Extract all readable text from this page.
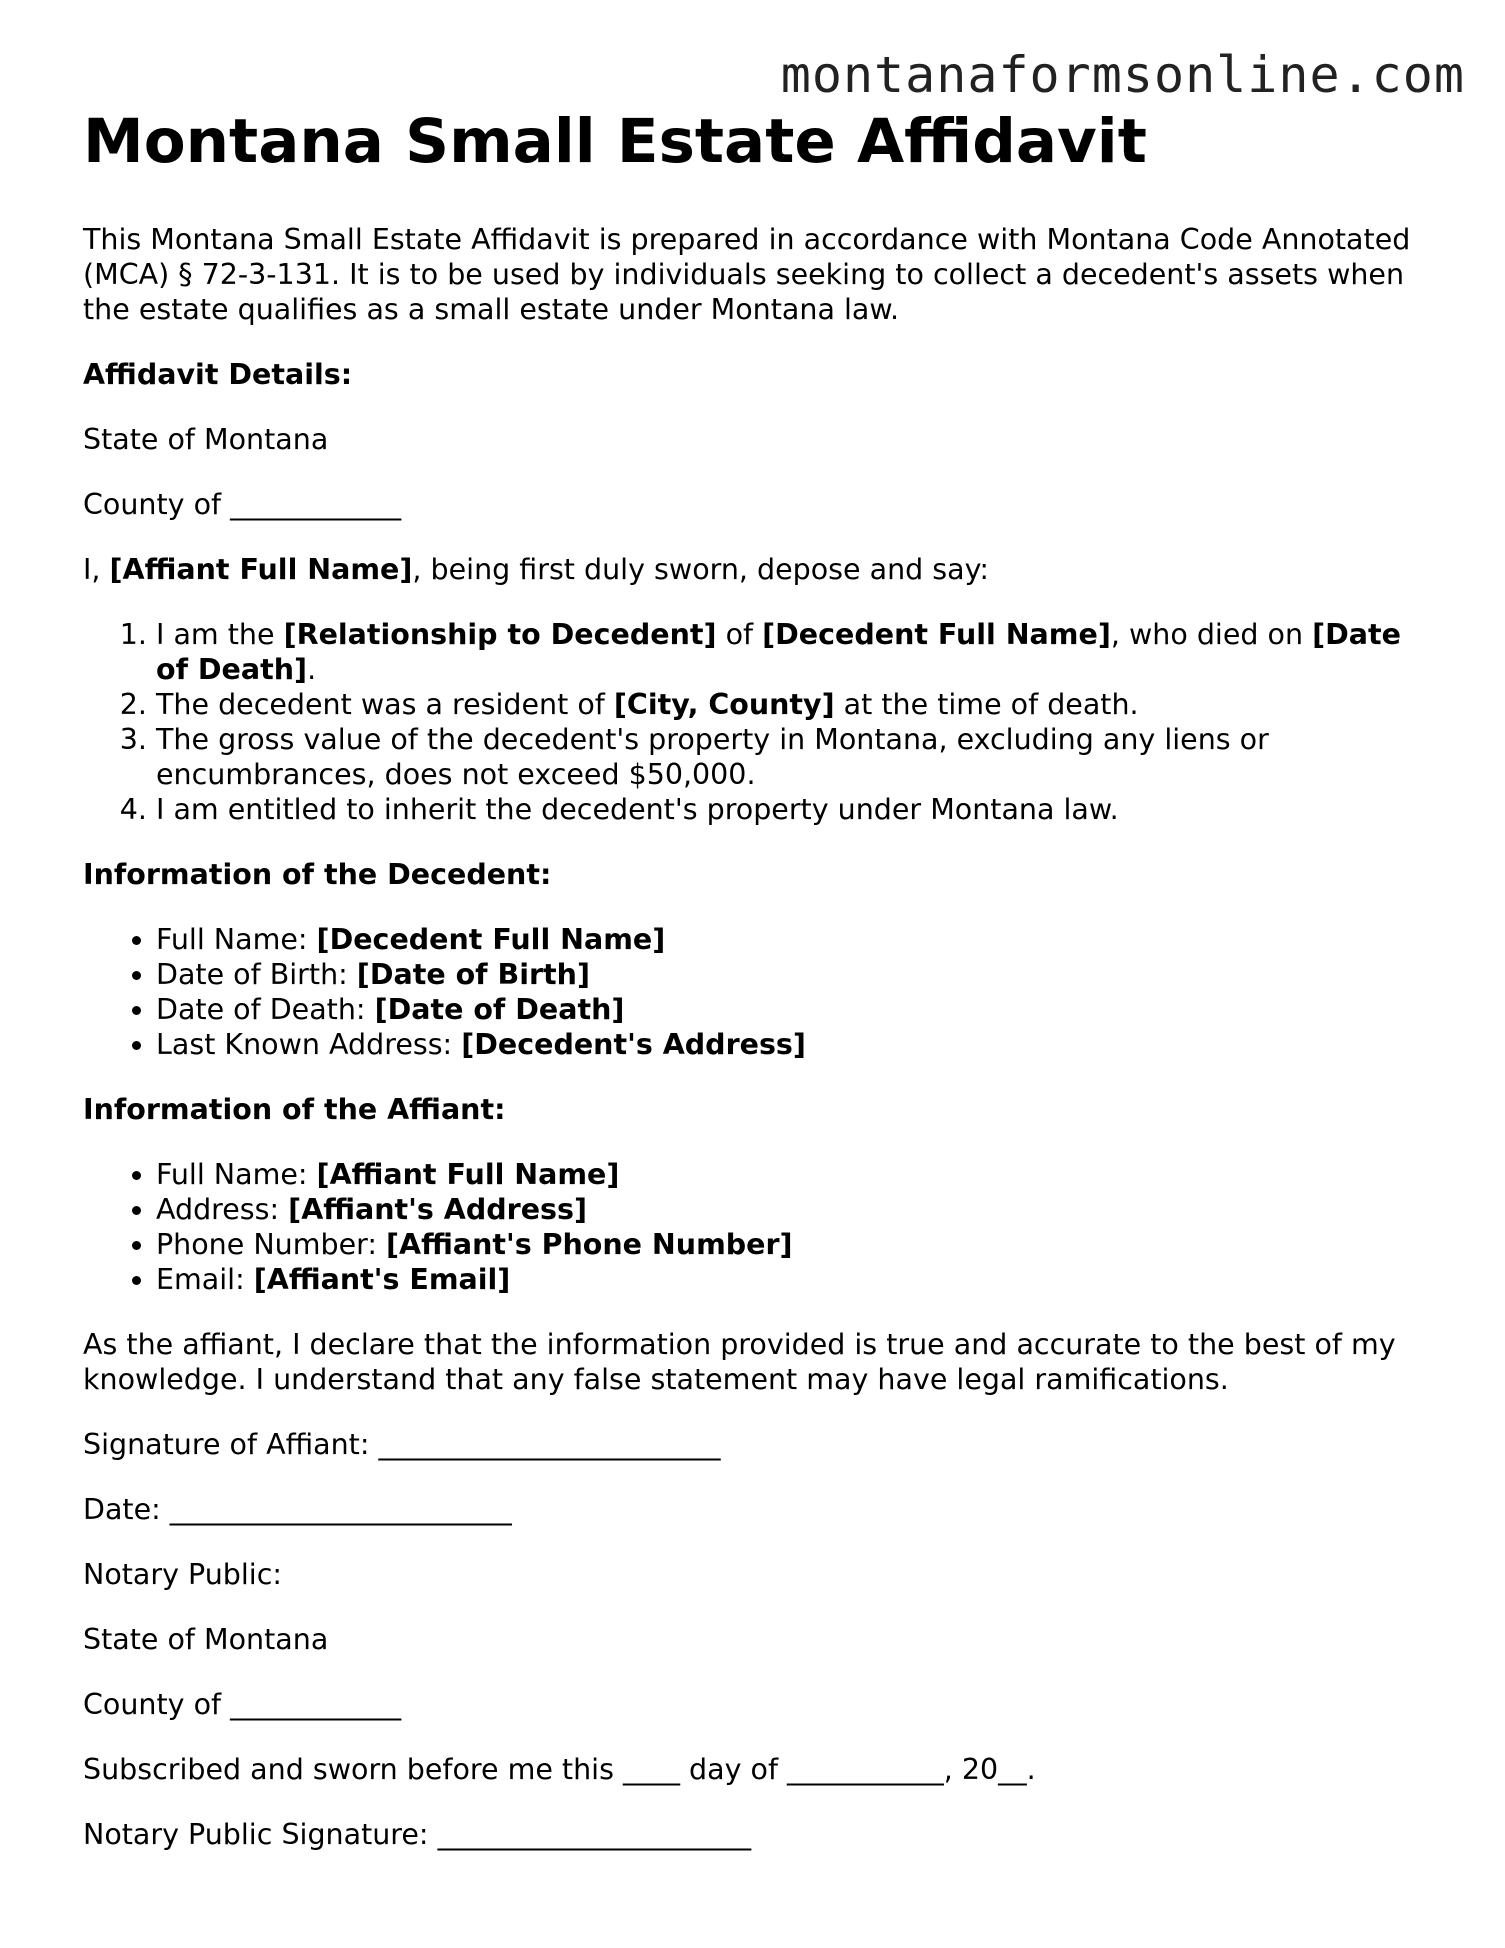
montanaformsonline.com
Montana Small Estate Affidavit

This Montana Small Estate Affidavit is prepared in accordance with Montana Code Annotated (MCA) § 72-3-131. It is to be used by individuals seeking to collect a decedent's assets when the estate qualifies as a small estate under Montana law.

Affidavit Details:

State of Montana

County of ____________

I, [Affiant Full Name], being first duly sworn, depose and say:

1. I am the [Relationship to Decedent] of [Decedent Full Name], who died on [Date of Death].
2. The decedent was a resident of [City, County] at the time of death.
3. The gross value of the decedent's property in Montana, excluding any liens or encumbrances, does not exceed $50,000.
4. I am entitled to inherit the decedent's property under Montana law.

Information of the Decedent:

• Full Name: [Decedent Full Name]
• Date of Birth: [Date of Birth]
• Date of Death: [Date of Death]
• Last Known Address: [Decedent's Address]

Information of the Affiant:

• Full Name: [Affiant Full Name]
• Address: [Affiant's Address]
• Phone Number: [Affiant's Phone Number]
• Email: [Affiant's Email]

As the affiant, I declare that the information provided is true and accurate to the best of my knowledge. I understand that any false statement may have legal ramifications.

Signature of Affiant: ________________________

Date: ________________________

Notary Public:

State of Montana

County of ____________

Subscribed and sworn before me this ____ day of ___________, 20__.

Notary Public Signature: ______________________
